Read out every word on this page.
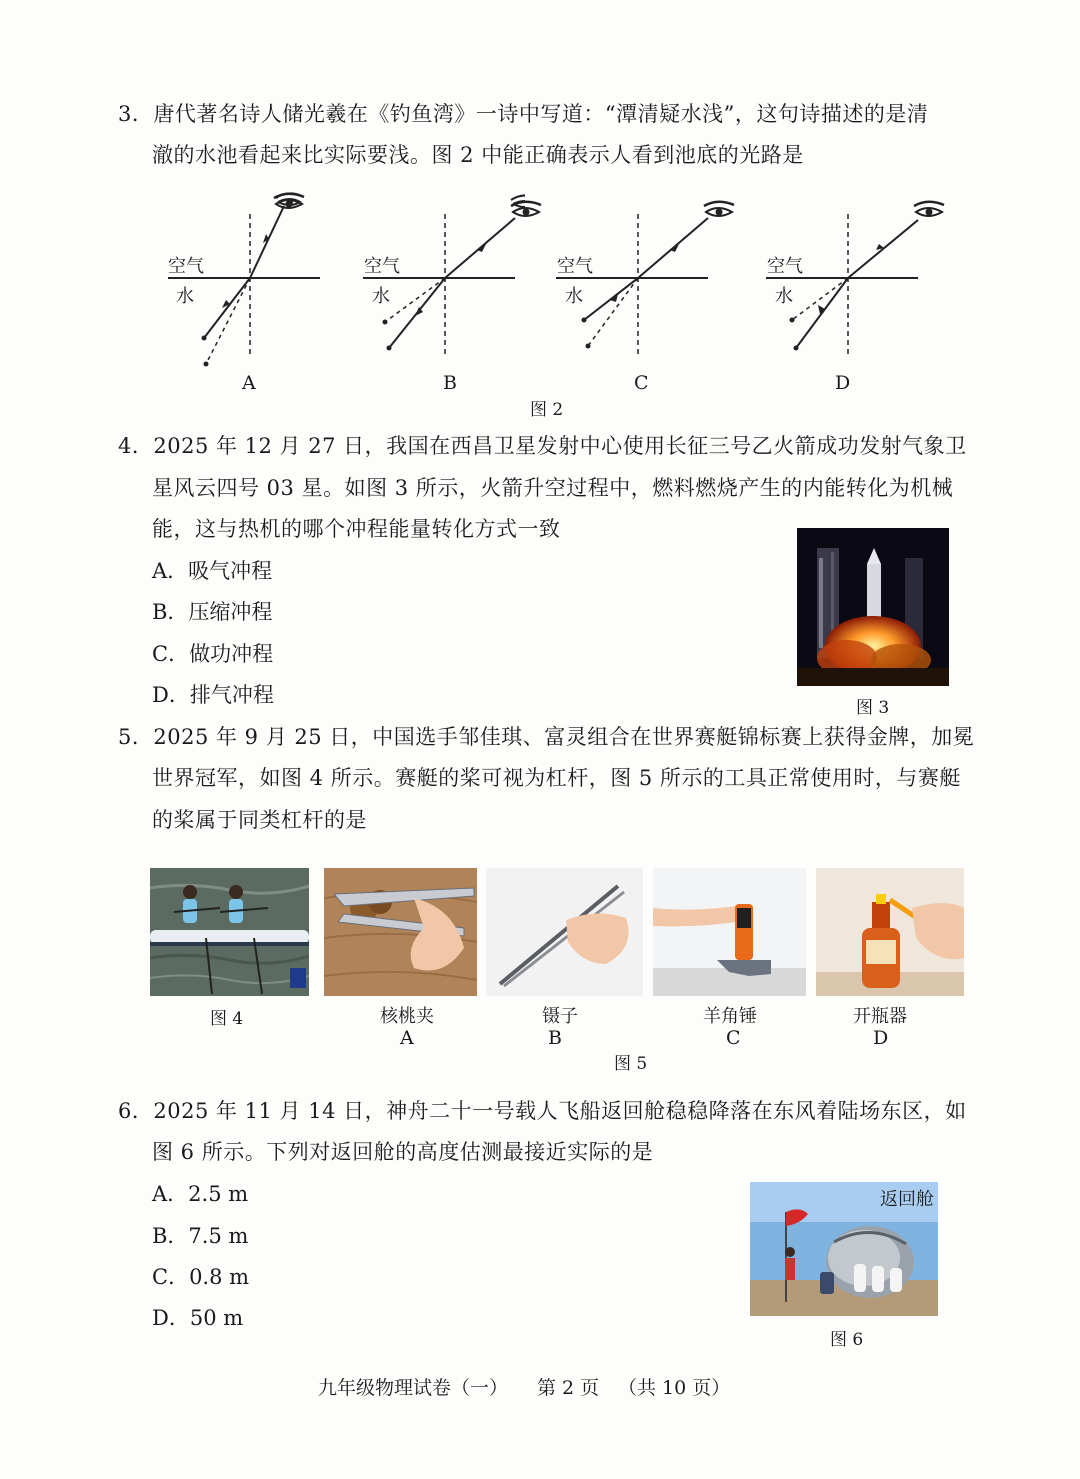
3．唐代著名诗人储光羲在《钓鱼湾》一诗中写道：“潭清疑水浅”，这句诗描述的是清
澈的水池看起来比实际要浅。图 2 中能正确表示人看到池底的光路是
空气
水
空气
水
空气
水
空气
水
A	B	C	D
图 2
4．2025 年 12 月 27 日，我国在西昌卫星发射中心使用长征三号乙火箭成功发射气象卫
星风云四号 03 星。如图 3 所示，火箭升空过程中，燃料燃烧产生的内能转化为机械
能，这与热机的哪个冲程能量转化方式一致
A．吸气冲程
B．压缩冲程
C．做功冲程
D．排气冲程
图 3
5．2025 年 9 月 25 日，中国选手邹佳琪、富灵组合在世界赛艇锦标赛上获得金牌，加冕
世界冠军，如图 4 所示。赛艇的桨可视为杠杆，图 5 所示的工具正常使用时，与赛艇
的桨属于同类杠杆的是
图 4	核桃夹
A
镊子
B
羊角锤
C
开瓶器
D
图 5
6．2025 年 11 月 14 日，神舟二十一号载人飞船返回舱稳稳降落在东风着陆场东区，如
图 6 所示。下列对返回舱的高度估测最接近实际的是
A．2.5 m
B．7.5 m
C．0.8 m
D．50 m
返回舱
图 6
九年级物理试卷（一） 第 2 页 （共 10 页）
